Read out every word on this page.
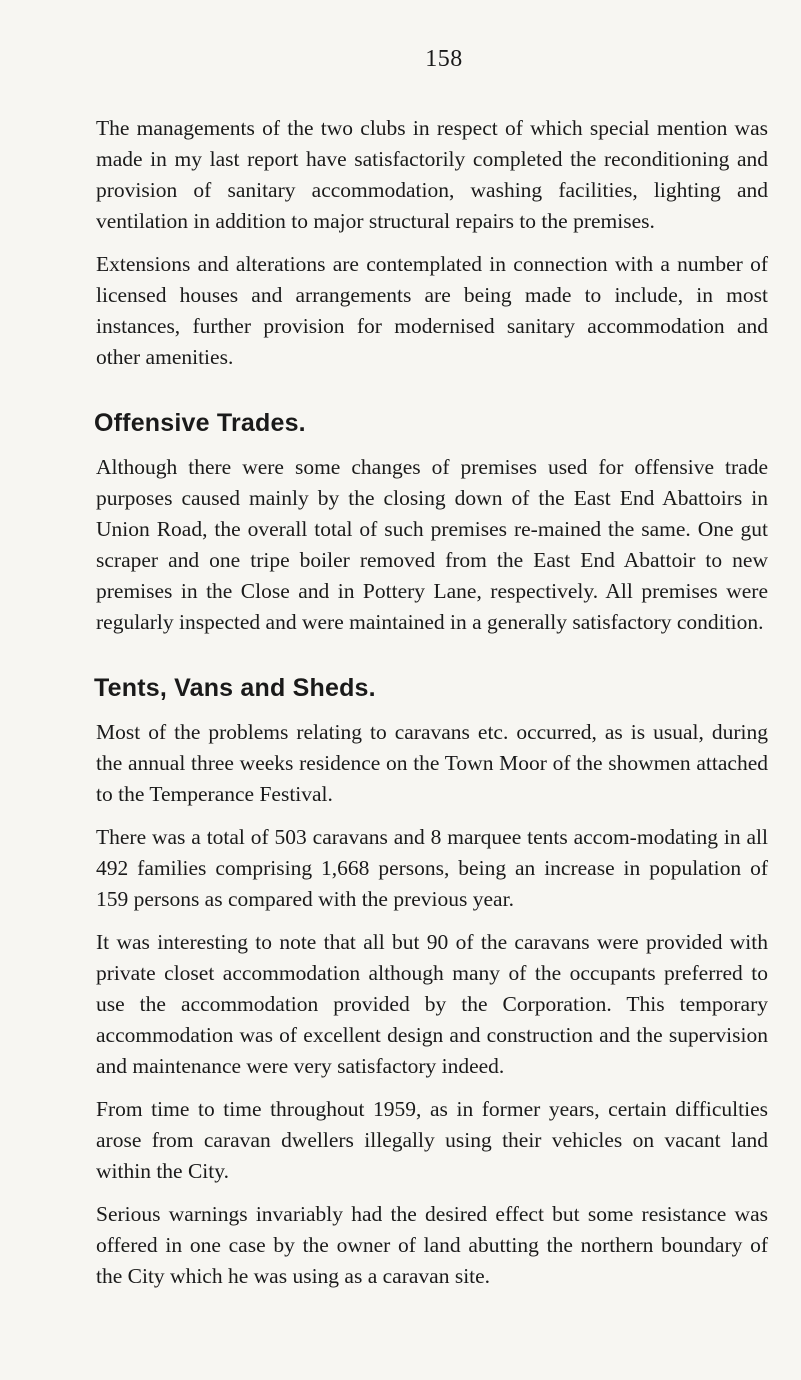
158

The managements of the two clubs in respect of which special mention was made in my last report have satisfactorily completed the reconditioning and provision of sanitary accommodation, washing facilities, lighting and ventilation in addition to major structural repairs to the premises.

Extensions and alterations are contemplated in connection with a number of licensed houses and arrangements are being made to include, in most instances, further provision for modernised sanitary accommodation and other amenities.

Offensive Trades.

Although there were some changes of premises used for offensive trade purposes caused mainly by the closing down of the East End Abattoirs in Union Road, the overall total of such premises re-mained the same. One gut scraper and one tripe boiler removed from the East End Abattoir to new premises in the Close and in Pottery Lane, respectively. All premises were regularly inspected and were maintained in a generally satisfactory condition.

Tents, Vans and Sheds.

Most of the problems relating to caravans etc. occurred, as is usual, during the annual three weeks residence on the Town Moor of the showmen attached to the Temperance Festival.

There was a total of 503 caravans and 8 marquee tents accom-modating in all 492 families comprising 1,668 persons, being an increase in population of 159 persons as compared with the previous year.

It was interesting to note that all but 90 of the caravans were provided with private closet accommodation although many of the occupants preferred to use the accommodation provided by the Corporation. This temporary accommodation was of excellent design and construction and the supervision and maintenance were very satisfactory indeed.

From time to time throughout 1959, as in former years, certain difficulties arose from caravan dwellers illegally using their vehicles on vacant land within the City.

Serious warnings invariably had the desired effect but some resistance was offered in one case by the owner of land abutting the northern boundary of the City which he was using as a caravan site.
